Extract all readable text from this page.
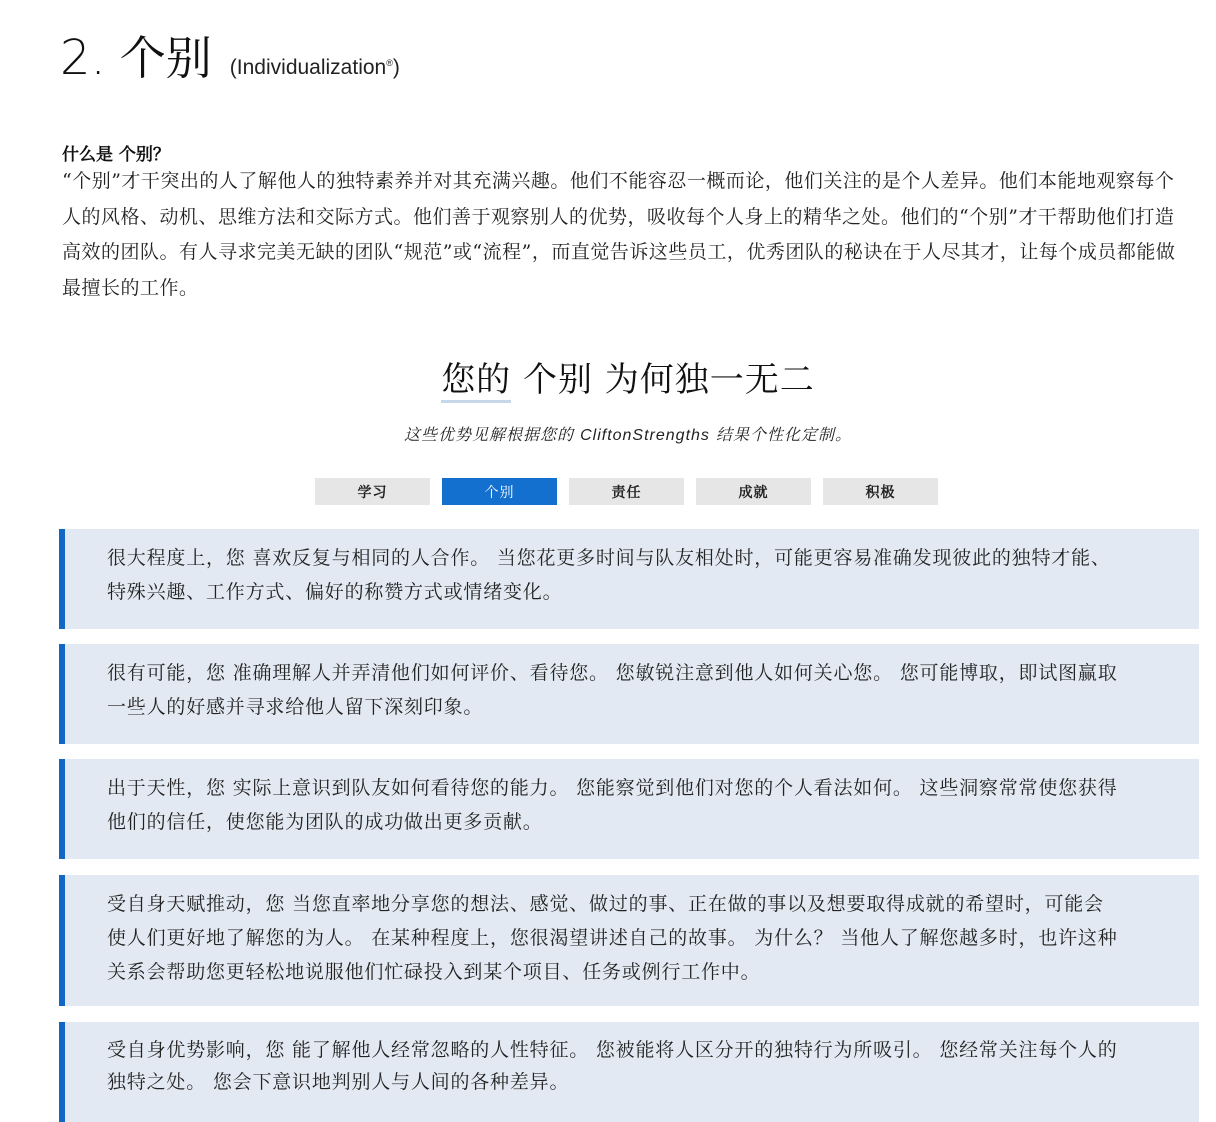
2. 个别 (Individualization®)
什么是 个别？
“个别”才干突出的人了解他人的独特素养并对其充满兴趣。他们不能容忍一概而论，他们关注的是个人差异。他们本能地观察每个人的风格、动机、思维方法和交际方式。他们善于观察别人的优势，吸收每个人身上的精华之处。他们的“个别”才干帮助他们打造高效的团队。有人寻求完美无缺的团队“规范”或“流程”，而直觉告诉这些员工，优秀团队的秘诀在于人尽其才，让每个成员都能做最擅长的工作。
您的 个别 为何独一无二
这些优势见解根据您的 CliftonStrengths 结果个性化定制。
学习	个别	责任	成就	积极
很大程度上，您 喜欢反复与相同的人合作。 当您花更多时间与队友相处时，可能更容易准确发现彼此的独特才能、特殊兴趣、工作方式、偏好的称赞方式或情绪变化。
很有可能，您 准确理解人并弄清他们如何评价、看待您。 您敏锐注意到他人如何关心您。 您可能博取，即试图赢取一些人的好感并寻求给他人留下深刻印象。
出于天性，您 实际上意识到队友如何看待您的能力。 您能察觉到他们对您的个人看法如何。 这些洞察常常使您获得他们的信任，使您能为团队的成功做出更多贡献。
受自身天赋推动，您 当您直率地分享您的想法、感觉、做过的事、正在做的事以及想要取得成就的希望时，可能会使人们更好地了解您的为人。 在某种程度上，您很渴望讲述自己的故事。 为什么？ 当他人了解您越多时，也许这种关系会帮助您更轻松地说服他们忙碌投入到某个项目、任务或例行工作中。
受自身优势影响，您 能了解他人经常忽略的人性特征。 您被能将人区分开的独特行为所吸引。 您经常关注每个人的独特之处。 您会下意识地判别人与人间的各种差异。
